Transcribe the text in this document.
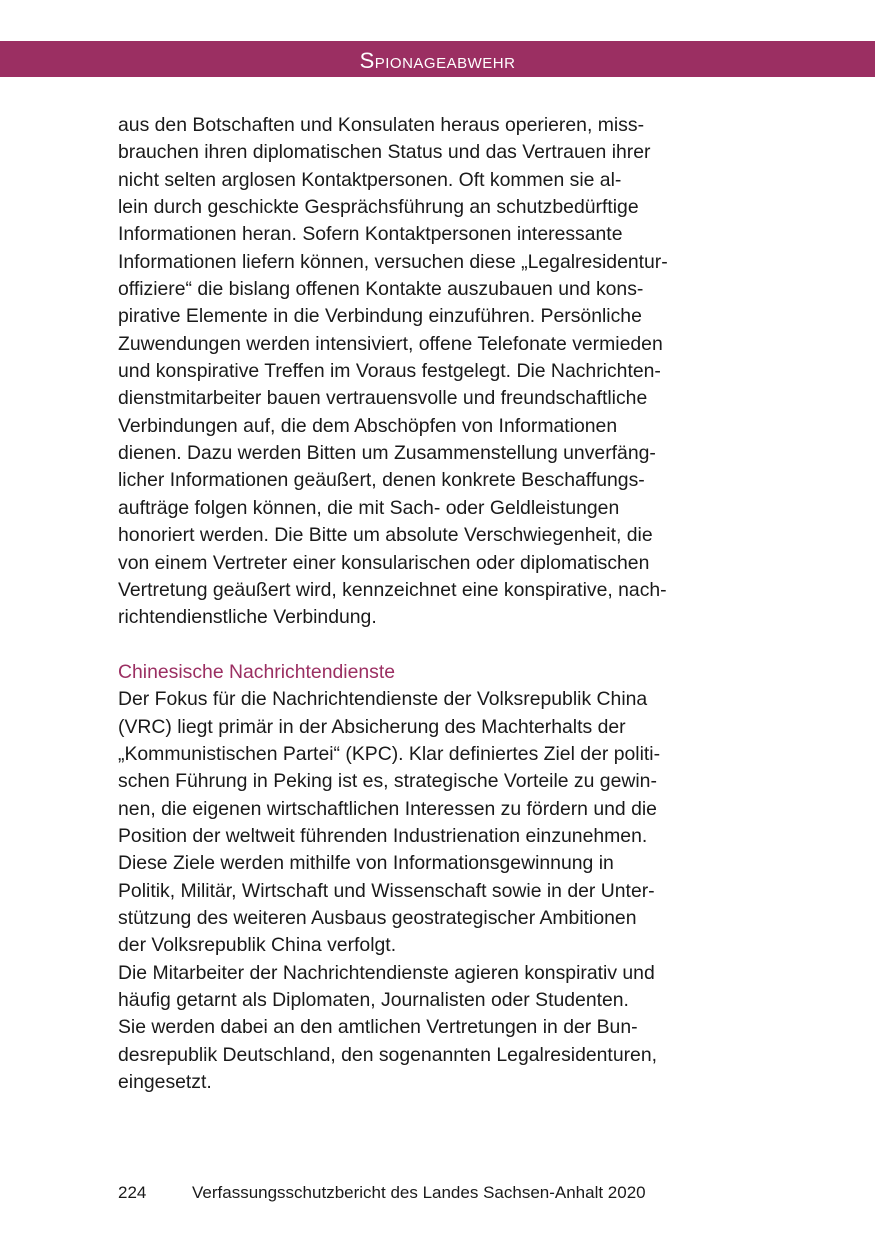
Spionageabwehr
aus den Botschaften und Konsulaten heraus operieren, miss-
brauchen ihren diplomatischen Status und das Vertrauen ihrer
nicht selten arglosen Kontaktpersonen. Oft kommen sie al-
lein durch geschickte Gesprächsführung an schutzbedürftige
Informationen heran. Sofern Kontaktpersonen interessante
Informationen liefern können, versuchen diese „Legalresidentur-
offiziere“ die bislang offenen Kontakte auszubauen und kons-
pirative Elemente in die Verbindung einzuführen. Persönliche
Zuwendungen werden intensiviert, offene Telefonate vermieden
und konspirative Treffen im Voraus festgelegt. Die Nachrichten-
dienstmitarbeiter bauen vertrauensvolle und freundschaftliche
Verbindungen auf, die dem Abschöpfen von Informationen
dienen. Dazu werden Bitten um Zusammenstellung unverfäng-
licher Informationen geäußert, denen konkrete Beschaffungs-
aufträge folgen können, die mit Sach- oder Geldleistungen
honoriert werden. Die Bitte um absolute Verschwiegenheit, die
von einem Vertreter einer konsularischen oder diplomatischen
Vertretung geäußert wird, kennzeichnet eine konspirative, nach-
richtendienstliche Verbindung.
Chinesische Nachrichtendienste
Der Fokus für die Nachrichtendienste der Volksrepublik China
(VRC) liegt primär in der Absicherung des Machterhalts der
„Kommunistischen Partei“ (KPC). Klar definiertes Ziel der politi-
schen Führung in Peking ist es, strategische Vorteile zu gewin-
nen, die eigenen wirtschaftlichen Interessen zu fördern und die
Position der weltweit führenden Industrienation einzunehmen.
Diese Ziele werden mithilfe von Informationsgewinnung in
Politik, Militär, Wirtschaft und Wissenschaft sowie in der Unter-
stützung des weiteren Ausbaus geostrategischer Ambitionen
der Volksrepublik China verfolgt.
Die Mitarbeiter der Nachrichtendienste agieren konspirativ und
häufig getarnt als Diplomaten, Journalisten oder Studenten.
Sie werden dabei an den amtlichen Vertretungen in der Bun-
desrepublik Deutschland, den sogenannten Legalresidenturen,
eingesetzt.
224	Verfassungsschutzbericht des Landes Sachsen-Anhalt 2020
